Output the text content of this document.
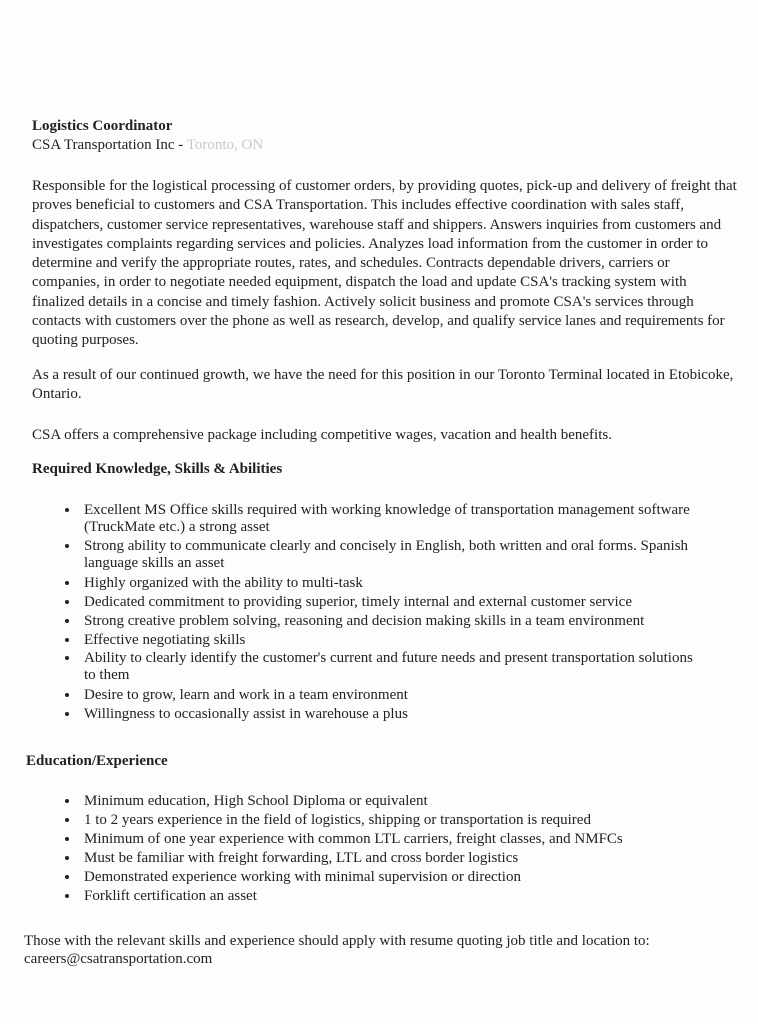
Logistics Coordinator
CSA Transportation Inc - Toronto, ON
Responsible for the logistical processing of customer orders, by providing quotes, pick-up and delivery of freight that proves beneficial to customers and CSA Transportation. This includes effective coordination with sales staff, dispatchers, customer service representatives, warehouse staff and shippers. Answers inquiries from customers and investigates complaints regarding services and policies. Analyzes load information from the customer in order to determine and verify the appropriate routes, rates, and schedules. Contracts dependable drivers, carriers or companies, in order to negotiate needed equipment, dispatch the load and update CSA's tracking system with finalized details in a concise and timely fashion. Actively solicit business and promote CSA's services through contacts with customers over the phone as well as research, develop, and qualify service lanes and requirements for quoting purposes.
As a result of our continued growth, we have the need for this position in our Toronto Terminal located in Etobicoke, Ontario.
CSA offers a comprehensive package including competitive wages, vacation and health benefits.
Required Knowledge, Skills & Abilities
• Excellent MS Office skills required with working knowledge of transportation management software (TruckMate etc.) a strong asset
• Strong ability to communicate clearly and concisely in English, both written and oral forms. Spanish language skills an asset
• Highly organized with the ability to multi-task
• Dedicated commitment to providing superior, timely internal and external customer service
• Strong creative problem solving, reasoning and decision making skills in a team environment
• Effective negotiating skills
• Ability to clearly identify the customer's current and future needs and present transportation solutions to them
• Desire to grow, learn and work in a team environment
• Willingness to occasionally assist in warehouse a plus
Education/Experience
• Minimum education, High School Diploma or equivalent
• 1 to 2 years experience in the field of logistics, shipping or transportation is required
• Minimum of one year experience with common LTL carriers, freight classes, and NMFCs
• Must be familiar with freight forwarding, LTL and cross border logistics
• Demonstrated experience working with minimal supervision or direction
• Forklift certification an asset
Those with the relevant skills and experience should apply with resume quoting job title and location to:
careers@csatransportation.com
